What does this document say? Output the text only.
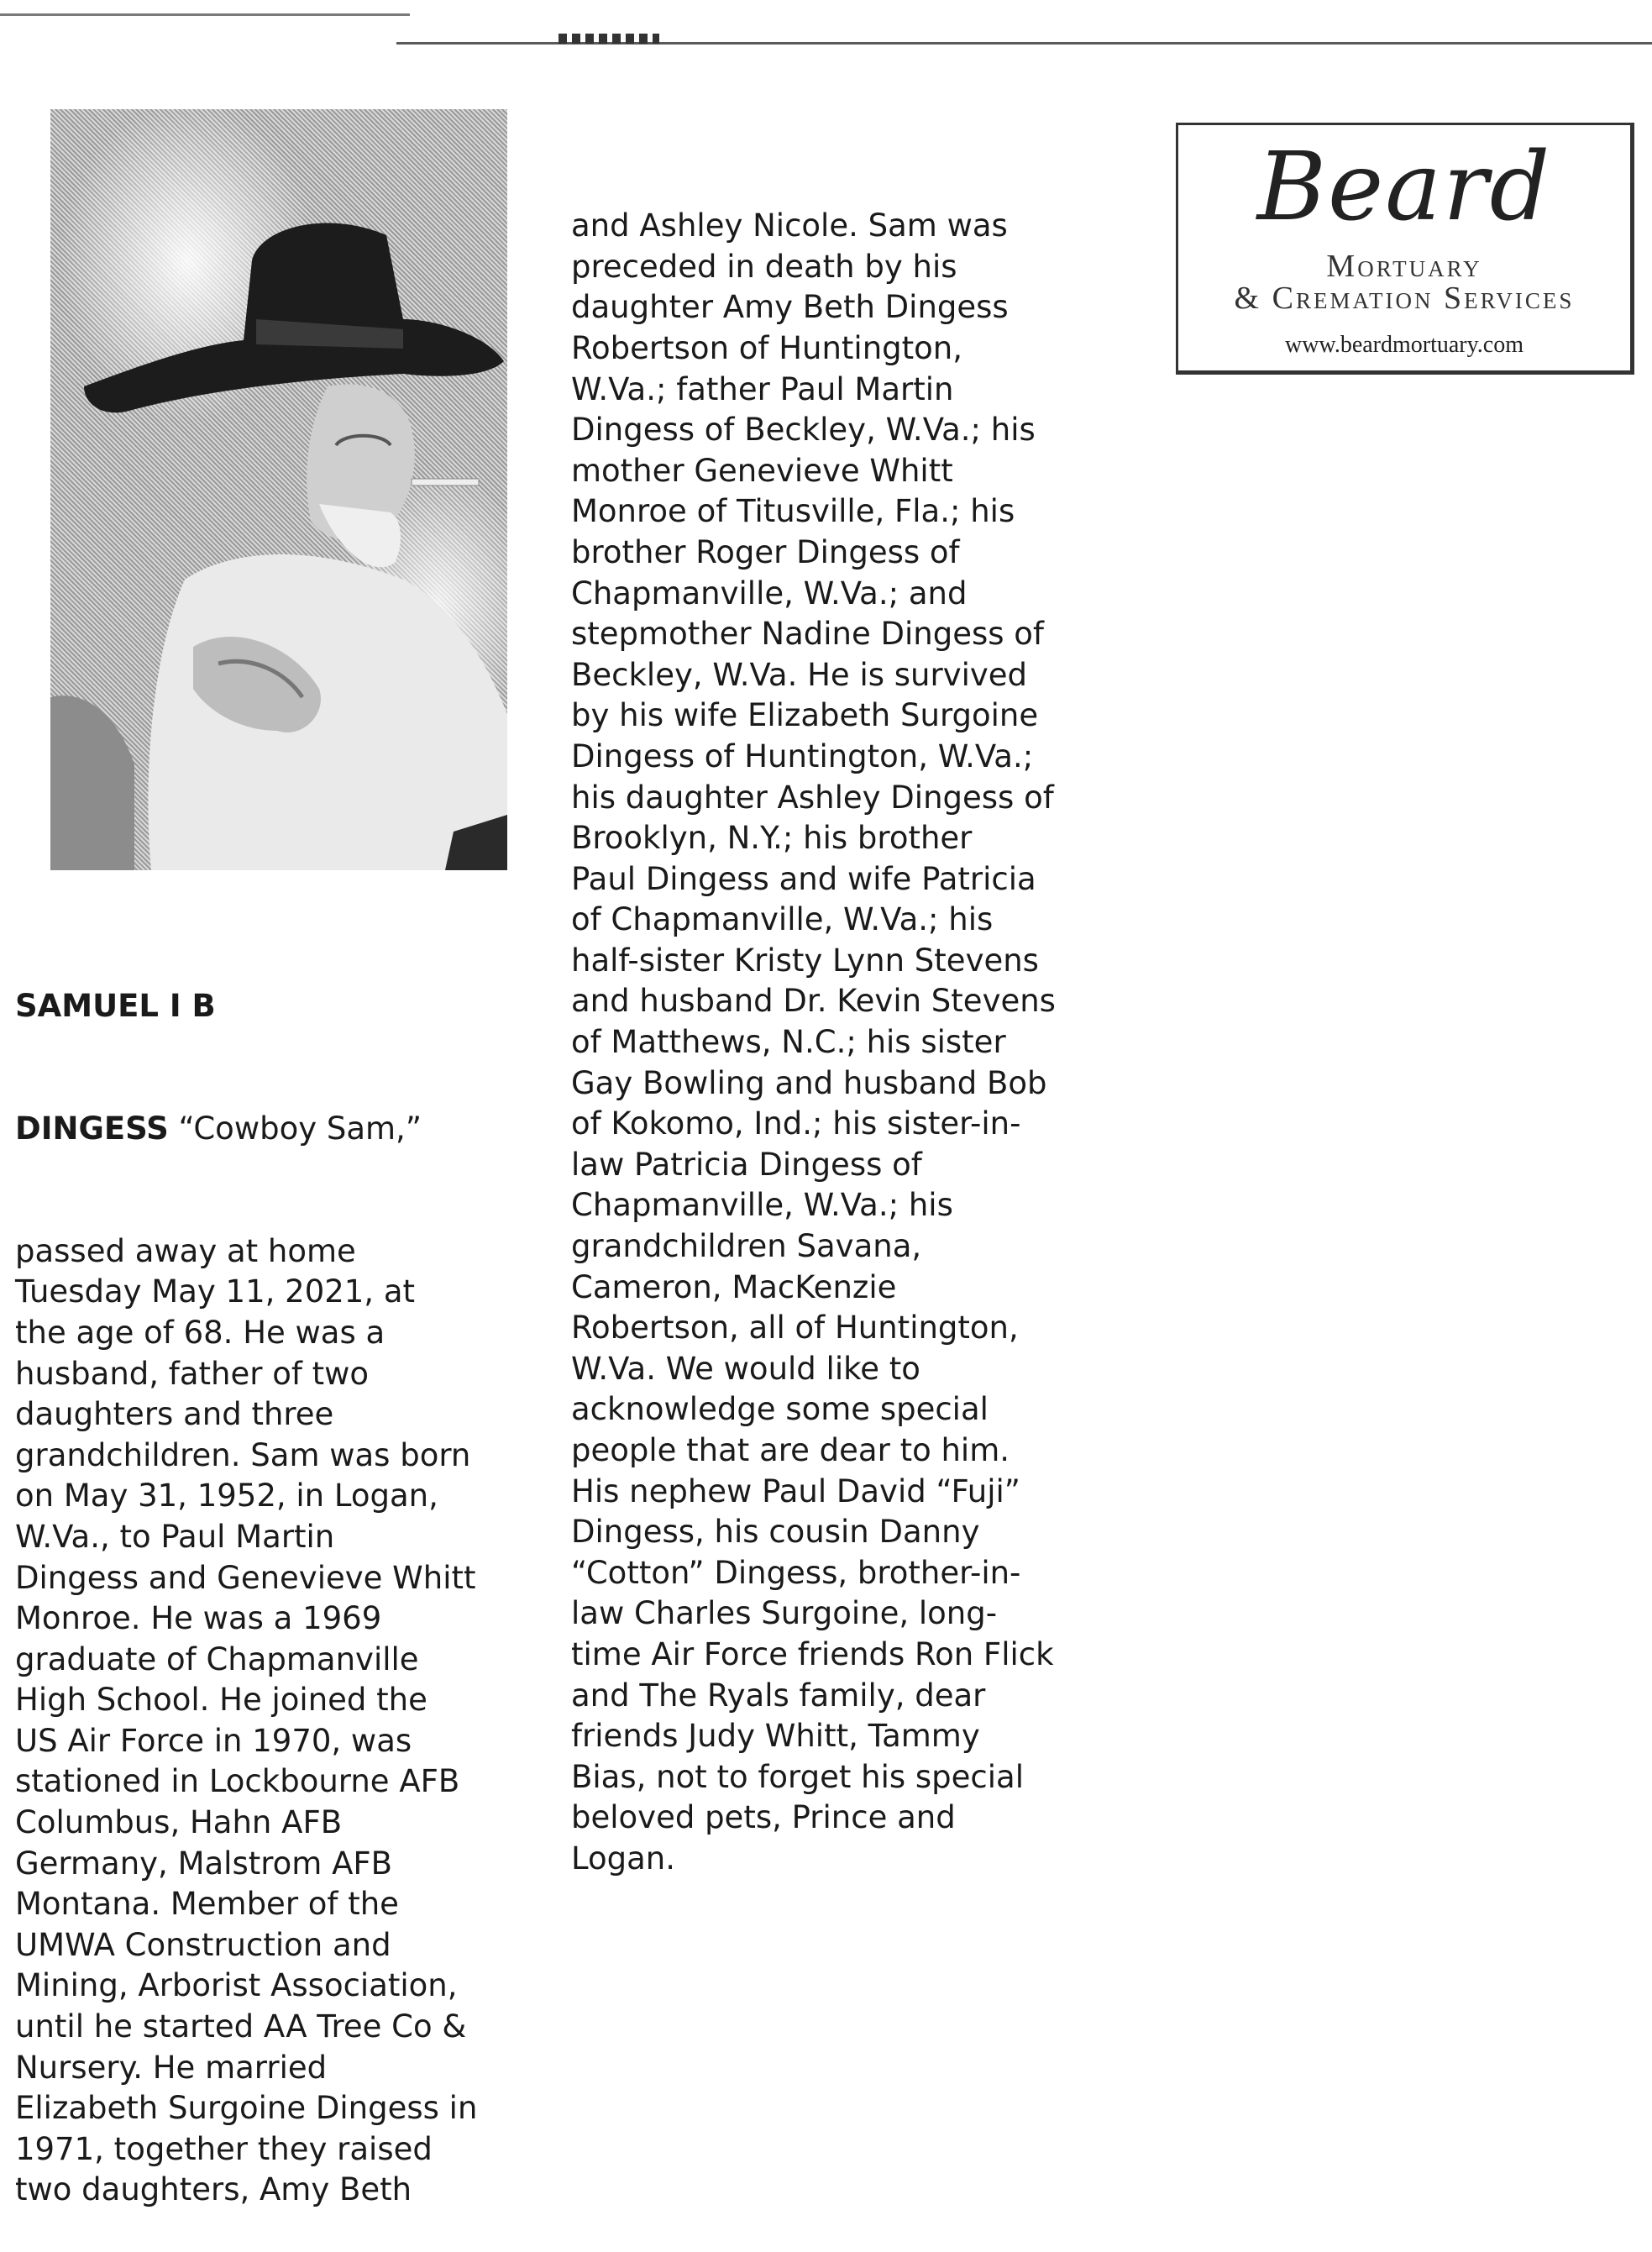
SAMUEL I B

DINGESS “Cowboy Sam,”

passed away at home
Tuesday May 11, 2021, at
the age of 68. He was a
husband, father of two
daughters and three
grandchildren. Sam was born
on May 31, 1952, in Logan,
W.Va., to Paul Martin
Dingess and Genevieve Whitt
Monroe. He was a 1969
graduate of Chapmanville
High School. He joined the
US Air Force in 1970, was
stationed in Lockbourne AFB
Columbus, Hahn AFB
Germany, Malstrom AFB
Montana. Member of the
UMWA Construction and
Mining, Arborist Association,
until he started AA Tree Co &
Nursery. He married
Elizabeth Surgoine Dingess in
1971, together they raised
two daughters, Amy Beth

and Ashley Nicole. Sam was
preceded in death by his
daughter Amy Beth Dingess
Robertson of Huntington,
W.Va.; father Paul Martin
Dingess of Beckley, W.Va.; his
mother Genevieve Whitt
Monroe of Titusville, Fla.; his
brother Roger Dingess of
Chapmanville, W.Va.; and
stepmother Nadine Dingess of
Beckley, W.Va. He is survived
by his wife Elizabeth Surgoine
Dingess of Huntington, W.Va.;
his daughter Ashley Dingess of
Brooklyn, N.Y.; his brother
Paul Dingess and wife Patricia
of Chapmanville, W.Va.; his
half-sister Kristy Lynn Stevens
and husband Dr. Kevin Stevens
of Matthews, N.C.; his sister
Gay Bowling and husband Bob
of Kokomo, Ind.; his sister-in-
law Patricia Dingess of
Chapmanville, W.Va.; his
grandchildren Savana,
Cameron, MacKenzie
Robertson, all of Huntington,
W.Va. We would like to
acknowledge some special
people that are dear to him.
His nephew Paul David “Fuji”
Dingess, his cousin Danny
“Cotton” Dingess, brother-in-
law Charles Surgoine, long-
time Air Force friends Ron Flick
and The Ryals family, dear
friends Judy Whitt, Tammy
Bias, not to forget his special
beloved pets, Prince and
Logan.

Beard
Mortuary
& Cremation Services
www.beardmortuary.com
